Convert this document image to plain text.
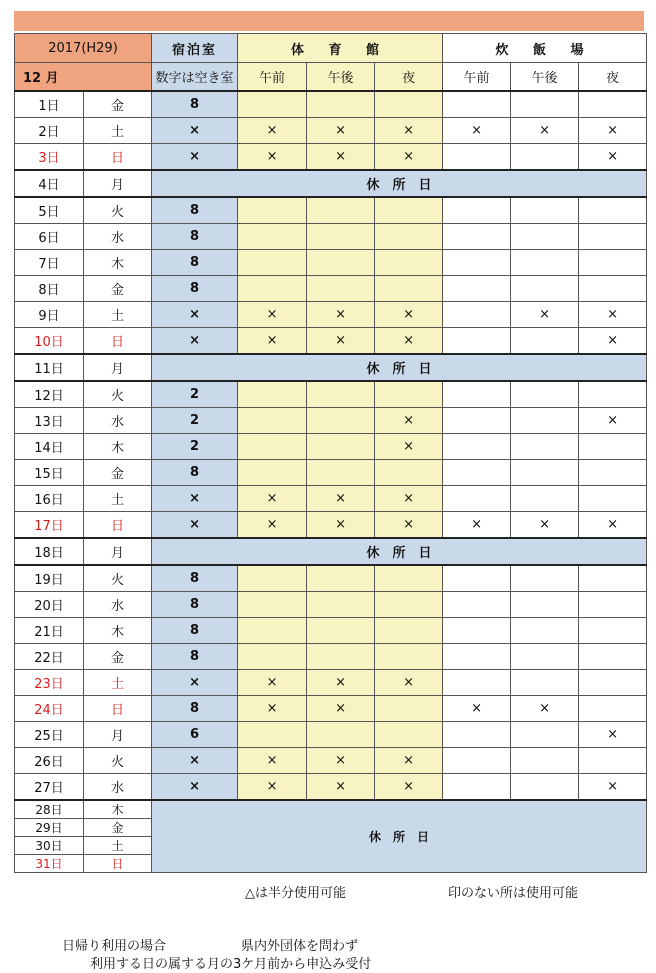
2017(H29)		宿泊室	体 育 館			炊 飯 場		
12 月		数字は空き室	午前	午後	夜	午前	午後	夜
1日	金	8						
2日	土	×	×	×	×	×	×	×
3日	日	×	×	×	×			×
4日	月	休　所　日						
5日	火	8						
6日	水	8						
7日	木	8						
8日	金	8						
9日	土	×	×	×	×		×	×
10日	日	×	×	×	×			×
11日	月	休　所　日						
12日	火	2						
13日	水	2			×			×
14日	木	2			×			
15日	金	8						
16日	土	×	×	×	×			
17日	日	×	×	×	×	×	×	×
18日	月	休　所　日						
19日	火	8						
20日	水	8						
21日	木	8						
22日	金	8						
23日	土	×	×	×	×			
24日	日	8	×	×		×	×	
25日	月	6						×
26日	火	×	×	×	×			
27日	水	×	×	×	×			×
28日	木	休　所　日						
29日	金							
30日	土							
31日	日							
△は半分使用可能	印のない所は使用可能
日帰り利用の場合	県内外団体を問わず
利用する日の属する月の3ケ月前から申込み受付
